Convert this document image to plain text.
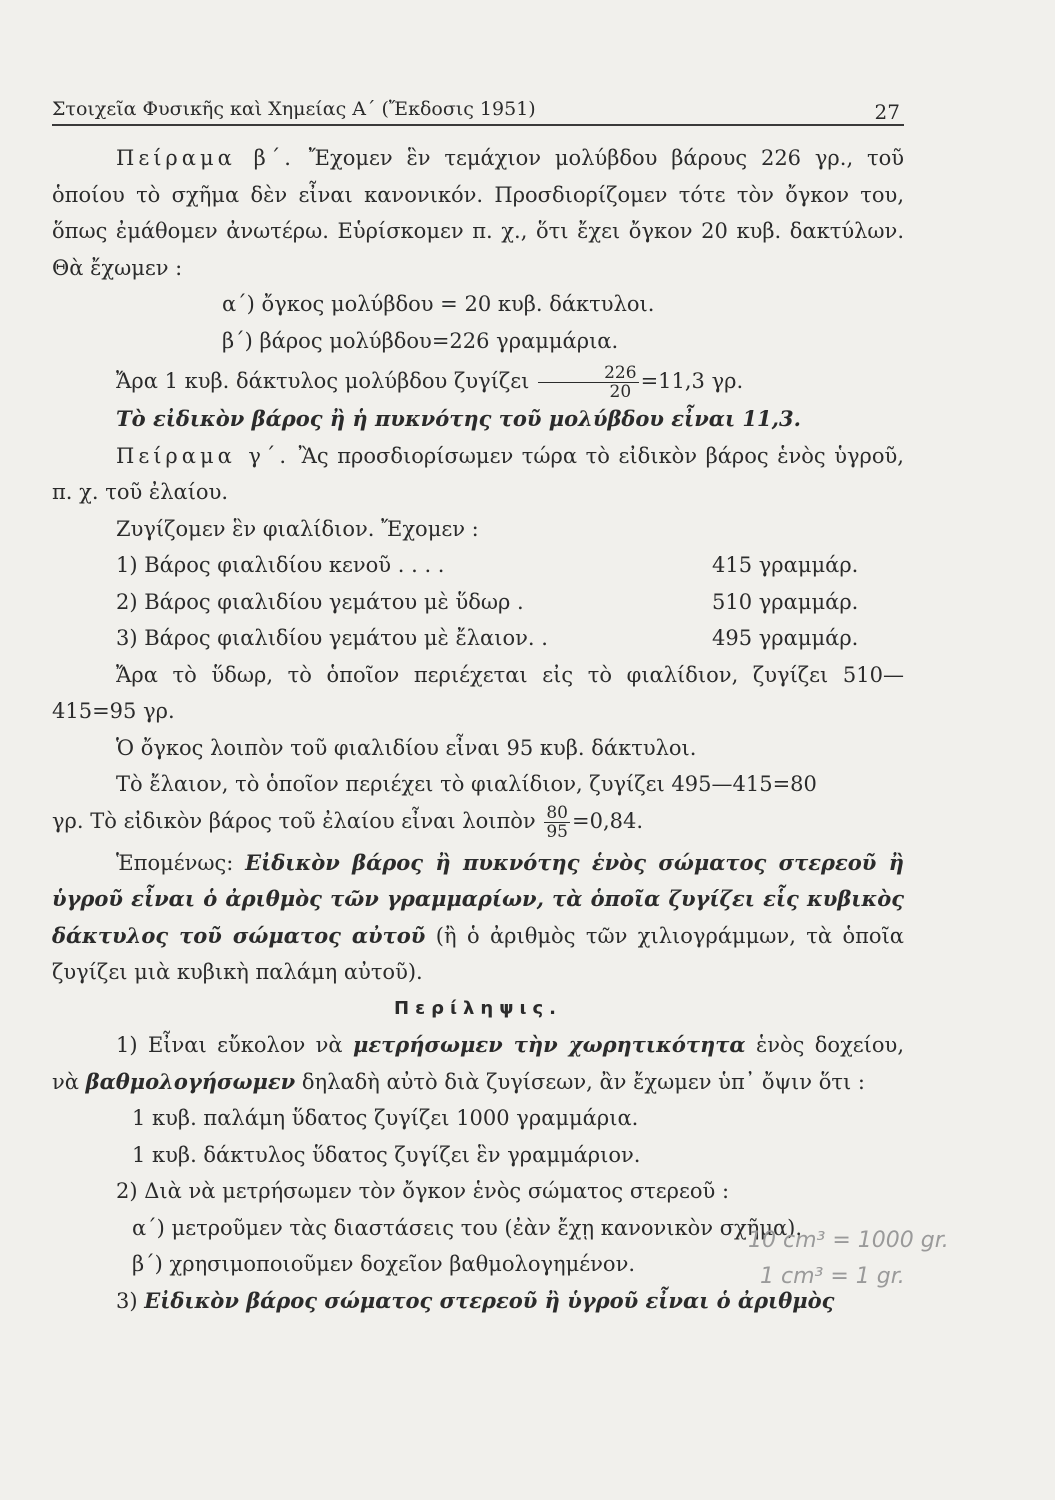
Στοιχεῖα Φυσικῆς καὶ Χημείας Α΄ (Ἔκδοσις 1951)	27

Πείραμα β΄. Ἔχομεν ἓν τεμάχιον μολύβδου βάρους 226 γρ., τοῦ ὁποίου τὸ σχῆμα δὲν εἶναι κανονικόν. Προσδιορίζομεν τότε τὸν ὄγκον του, ὅπως ἐμάθομεν ἀνωτέρω. Εὑρίσκομεν π. χ., ὅτι ἔχει ὄγκον 20 κυβ. δακτύλων. Θὰ ἔχωμεν :

α΄) ὄγκος μολύβδου = 20 κυβ. δάκτυλοι.

β΄) βάρος μολύβδου=226 γραμμάρια.

Ἄρα 1 κυβ. δάκτυλος μολύβδου ζυγίζει $\frac{226}{20} =11,3$ γρ.

Τὸ εἰδικὸν βάρος ἢ ἡ πυκνότης τοῦ μολύβδου εἶναι 11,3.

Πείραμα γ΄. Ἂς προσδιορίσωμεν τώρα τὸ εἰδικὸν βάρος ἑνὸς ὑγροῦ, π. χ. τοῦ ἐλαίου.

Ζυγίζομεν ἓν φιαλίδιον. Ἔχομεν :

1) Βάρος φιαλιδίου κενοῦ . . . .	415 γραμμάρ.

2) Βάρος φιαλιδίου γεμάτου μὲ ὕδωρ .	510 γραμμάρ.

3) Βάρος φιαλιδίου γεμάτου μὲ ἔλαιον. .	495 γραμμάρ.

Ἄρα τὸ ὕδωρ, τὸ ὁποῖον περιέχεται εἰς τὸ φιαλίδιον, ζυγίζει 510—415=95 γρ.

Ὁ ὄγκος λοιπὸν τοῦ φιαλιδίου εἶναι 95 κυβ. δάκτυλοι.

Τὸ ἔλαιον, τὸ ὁποῖον περιέχει τὸ φιαλίδιον, ζυγίζει 495—415=80

γρ. Τὸ εἰδικὸν βάρος τοῦ ἐλαίου εἶναι λοιπὸν $\frac{80}{95} =0,84$.

Ἑπομένως: Εἰδικὸν βάρος ἢ πυκνότης ἑνὸς σώματος στερεοῦ ἢ ὑγροῦ εἶναι ὁ ἀριθμὸς τῶν γραμμαρίων, τὰ ὁποῖα ζυγίζει εἷς κυβικὸς δάκτυλος τοῦ σώματος αὐτοῦ (ἢ ὁ ἀριθμὸς τῶν χιλιογράμμων, τὰ ὁποῖα ζυγίζει μιὰ κυβικὴ παλάμη αὐτοῦ).

Περίληψις.

1) Εἶναι εὔκολον νὰ μετρήσωμεν τὴν χωρητικότητα ἑνὸς δοχείου, νὰ βαθμολογήσωμεν δηλαδὴ αὐτὸ διὰ ζυγίσεων, ἂν ἔχωμεν ὑπ᾿ ὄψιν ὅτι :

1 κυβ. παλάμη ὕδατος ζυγίζει 1000 γραμμάρια.

1 κυβ. δάκτυλος ὕδατος ζυγίζει ἓν γραμμάριον.

2) Διὰ νὰ μετρήσωμεν τὸν ὄγκον ἑνὸς σώματος στερεοῦ :

α΄) μετροῦμεν τὰς διαστάσεις του (ἐὰν ἔχῃ κανονικὸν σχῆμα).

β΄) χρησιμοποιοῦμεν δοχεῖον βαθμολογημένον.

3) Εἰδικὸν βάρος σώματος στερεοῦ ἢ ὑγροῦ εἶναι ὁ ἀριθμὸς

10 cm³ = 1000 gr.
1 cm³ = 1 gr.
